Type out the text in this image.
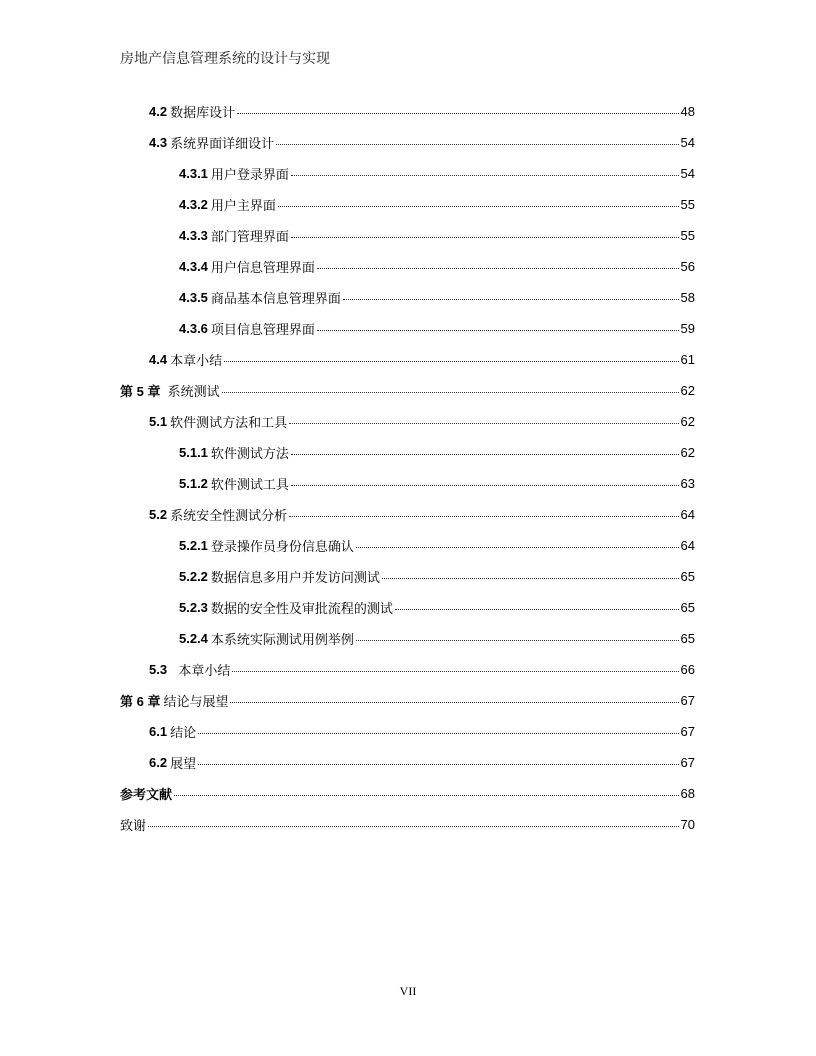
房地产信息管理系统的设计与实现
4.2 数据库设计	48
4.3 系统界面详细设计	54
4.3.1 用户登录界面	54
4.3.2 用户主界面	55
4.3.3 部门管理界面	55
4.3.4 用户信息管理界面	56
4.3.5 商品基本信息管理界面	58
4.3.6 项目信息管理界面	59
4.4 本章小结	61
第 5 章 系统测试	62
5.1 软件测试方法和工具	62
5.1.1 软件测试方法	62
5.1.2 软件测试工具	63
5.2 系统安全性测试分析	64
5.2.1 登录操作员身份信息确认	64
5.2.2 数据信息多用户并发访问测试	65
5.2.3 数据的安全性及审批流程的测试	65
5.2.4 本系统实际测试用例举例	65
5.3 本章小结	66
第 6 章 结论与展望	67
6.1 结论	67
6.2 展望	67
参考文献	68
致谢	70
VII
